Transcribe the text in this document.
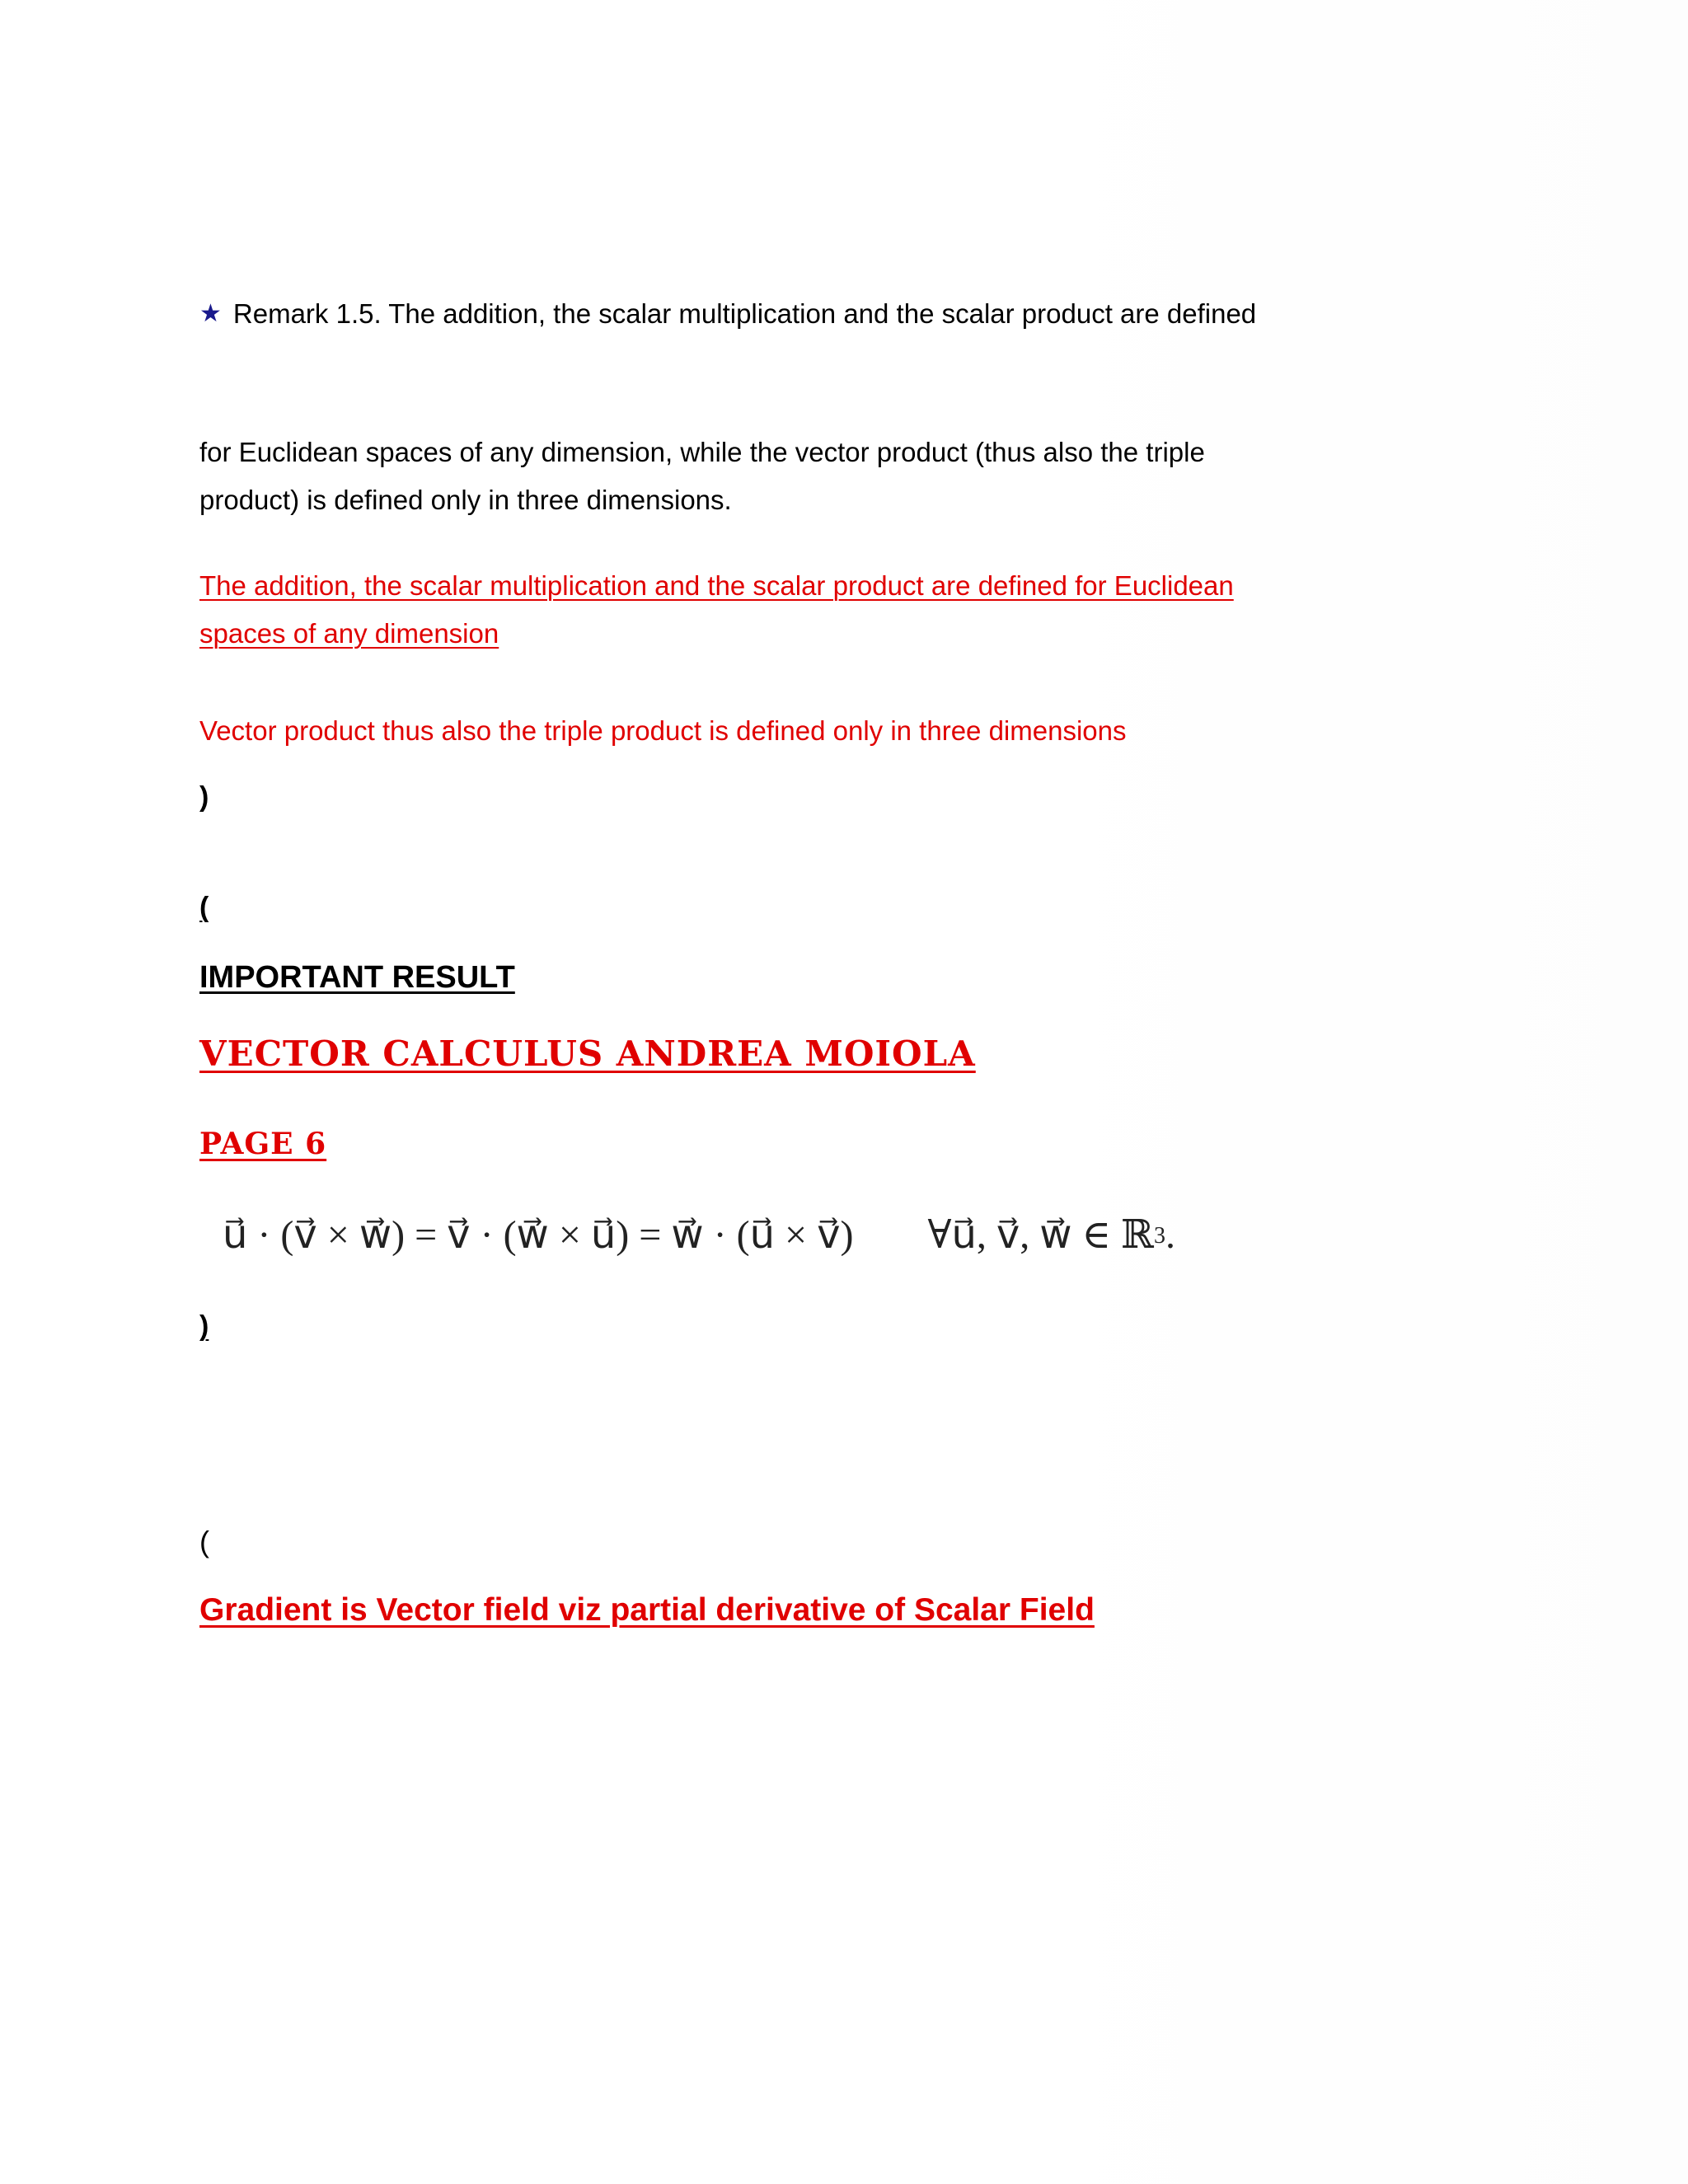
★ Remark 1.5. The addition, the scalar multiplication and the scalar product are defined
for Euclidean spaces of any dimension, while the vector product (thus also the triple
product) is defined only in three dimensions.
The addition, the scalar multiplication and the scalar product are defined for Euclidean
spaces of any dimension
Vector product thus also the triple product is defined only in three dimensions
)
(
IMPORTANT RESULT
VECTOR CALCULUS ANDREA MOIOLA
PAGE 6
u⃗ · (v⃗ × w⃗) = v⃗ · (w⃗ × u⃗) = w⃗ · (u⃗ × v⃗) ∀u⃗, v⃗, w⃗ ∈ ℝ$^3$ .
)
(
Gradient is Vector field viz partial derivative of Scalar Field
